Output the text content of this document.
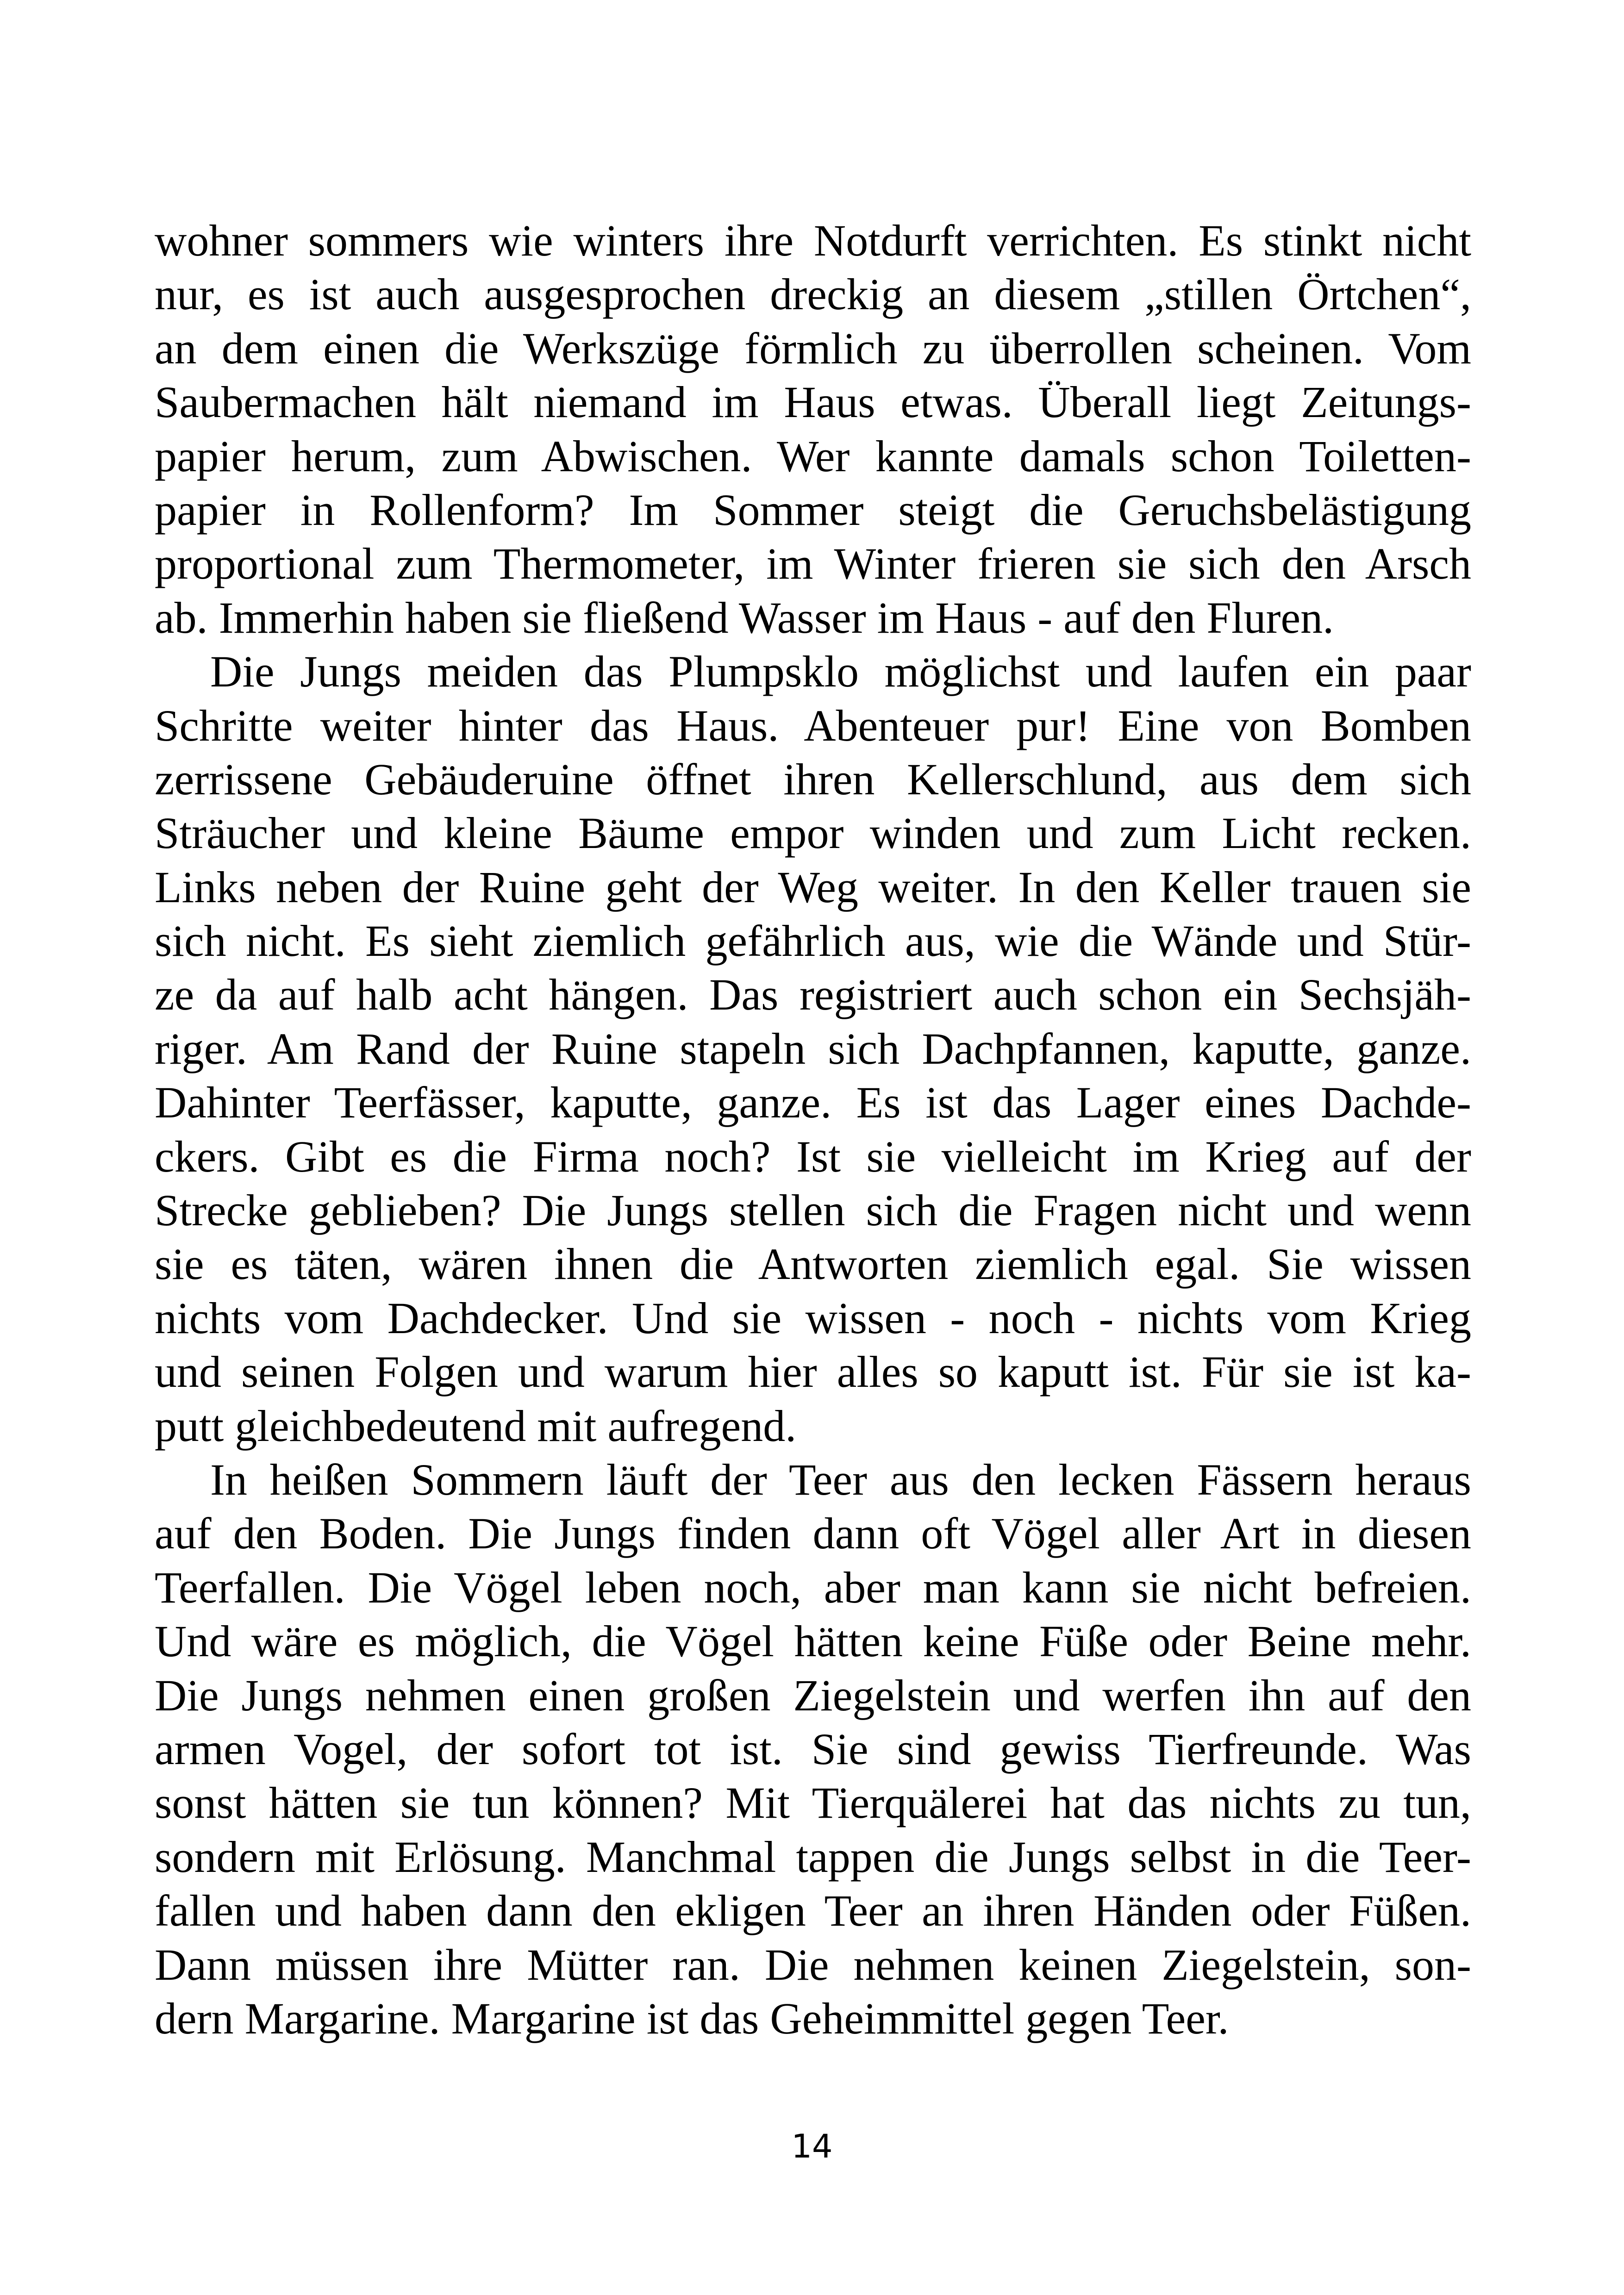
wohner sommers wie winters ihre Notdurft verrichten. Es stinkt nicht
nur, es ist auch ausgesprochen dreckig an diesem „stillen Örtchen“,
an dem einen die Werkszüge förmlich zu überrollen scheinen. Vom
Saubermachen hält niemand im Haus etwas. Überall liegt Zeitungs-
papier herum, zum Abwischen. Wer kannte damals schon Toiletten-
papier in Rollenform? Im Sommer steigt die Geruchsbelästigung
proportional zum Thermometer, im Winter frieren sie sich den Arsch
ab. Immerhin haben sie fließend Wasser im Haus - auf den Fluren.

Die Jungs meiden das Plumpsklo möglichst und laufen ein paar
Schritte weiter hinter das Haus. Abenteuer pur! Eine von Bomben
zerrissene Gebäuderuine öffnet ihren Kellerschlund, aus dem sich
Sträucher und kleine Bäume empor winden und zum Licht recken.
Links neben der Ruine geht der Weg weiter. In den Keller trauen sie
sich nicht. Es sieht ziemlich gefährlich aus, wie die Wände und Stür-
ze da auf halb acht hängen. Das registriert auch schon ein Sechsjäh-
riger. Am Rand der Ruine stapeln sich Dachpfannen, kaputte, ganze.
Dahinter Teerfässer, kaputte, ganze. Es ist das Lager eines Dachde-
ckers. Gibt es die Firma noch? Ist sie vielleicht im Krieg auf der
Strecke geblieben? Die Jungs stellen sich die Fragen nicht und wenn
sie es täten, wären ihnen die Antworten ziemlich egal. Sie wissen
nichts vom Dachdecker. Und sie wissen - noch - nichts vom Krieg
und seinen Folgen und warum hier alles so kaputt ist. Für sie ist ka-
putt gleichbedeutend mit aufregend.

In heißen Sommern läuft der Teer aus den lecken Fässern heraus
auf den Boden. Die Jungs finden dann oft Vögel aller Art in diesen
Teerfallen. Die Vögel leben noch, aber man kann sie nicht befreien.
Und wäre es möglich, die Vögel hätten keine Füße oder Beine mehr.
Die Jungs nehmen einen großen Ziegelstein und werfen ihn auf den
armen Vogel, der sofort tot ist. Sie sind gewiss Tierfreunde. Was
sonst hätten sie tun können? Mit Tierquälerei hat das nichts zu tun,
sondern mit Erlösung. Manchmal tappen die Jungs selbst in die Teer-
fallen und haben dann den ekligen Teer an ihren Händen oder Füßen.
Dann müssen ihre Mütter ran. Die nehmen keinen Ziegelstein, son-
dern Margarine. Margarine ist das Geheimmittel gegen Teer.

14
